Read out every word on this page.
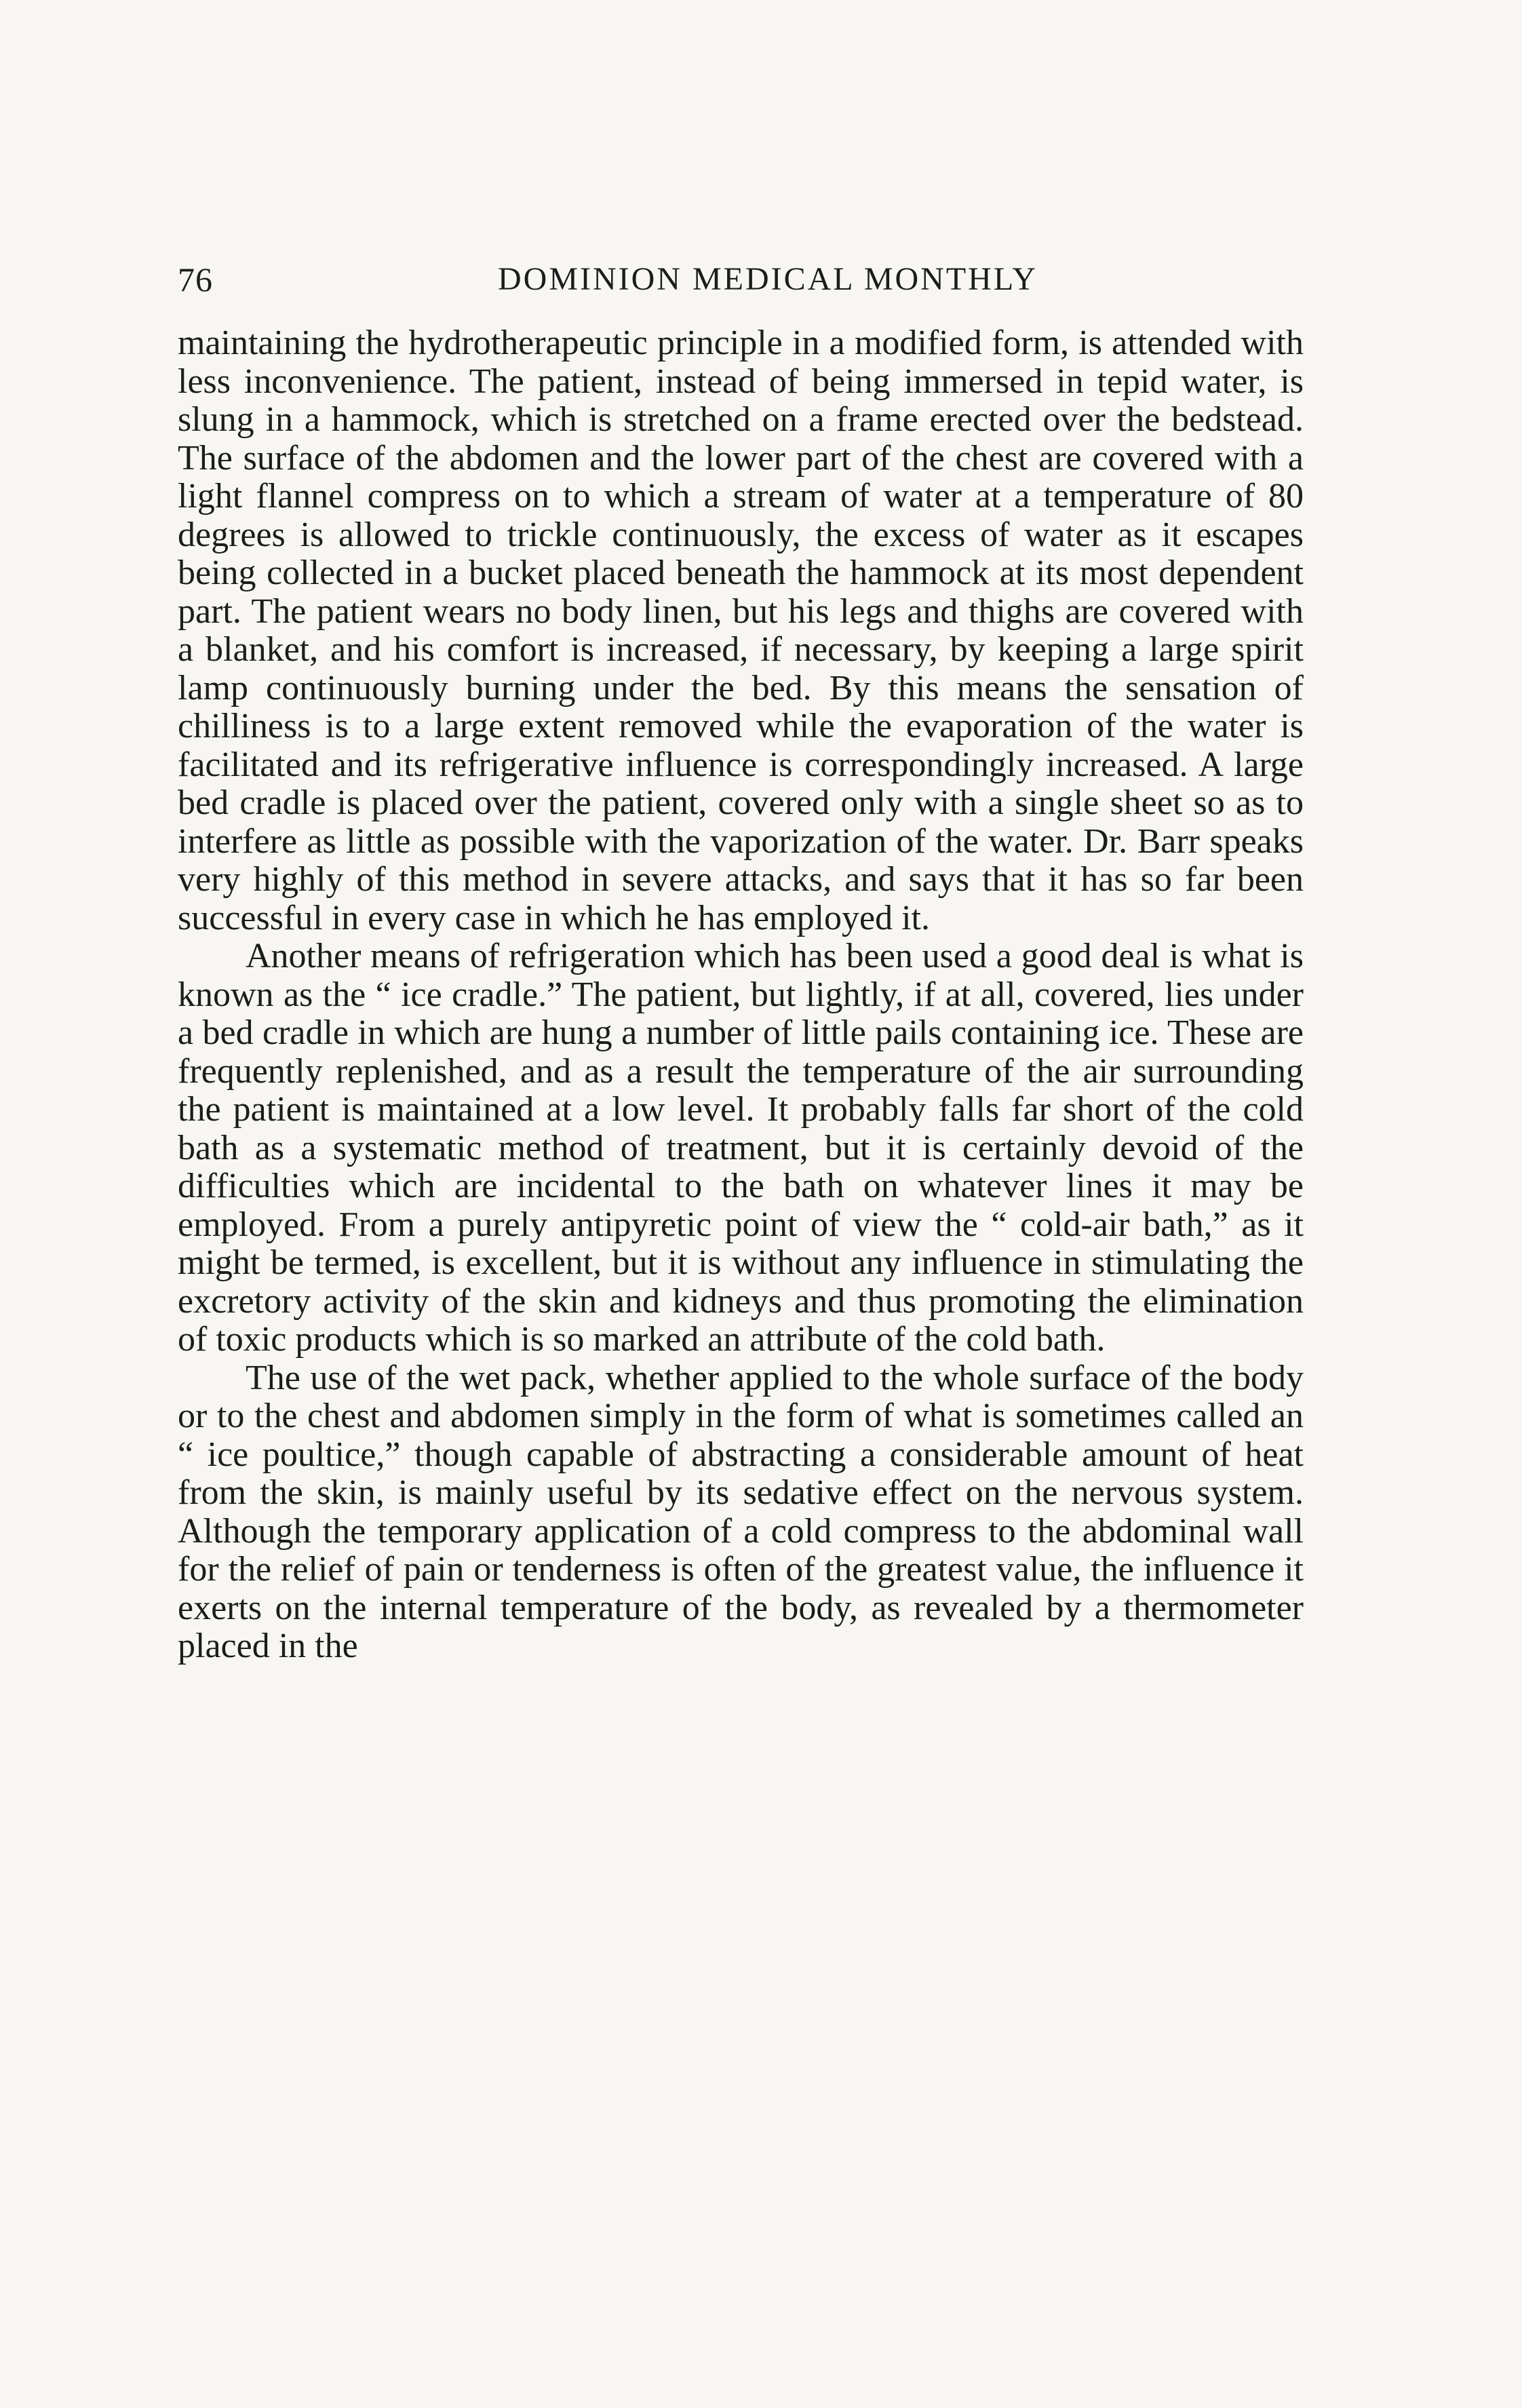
76	DOMINION MEDICAL MONTHLY

maintaining the hydrotherapeutic principle in a modified form, is attended with less inconvenience. The patient, instead of being immersed in tepid water, is slung in a hammock, which is stretched on a frame erected over the bedstead. The surface of the abdomen and the lower part of the chest are covered with a light flannel compress on to which a stream of water at a temperature of 80 degrees is allowed to trickle continuously, the excess of water as it escapes being collected in a bucket placed beneath the hammock at its most dependent part. The patient wears no body linen, but his legs and thighs are covered with a blanket, and his comfort is increased, if necessary, by keeping a large spirit lamp continuously burning under the bed. By this means the sensation of chilliness is to a large extent removed while the evaporation of the water is facilitated and its refrigerative influence is correspondingly increased. A large bed cradle is placed over the patient, covered only with a single sheet so as to interfere as little as possible with the vaporization of the water. Dr. Barr speaks very highly of this method in severe attacks, and says that it has so far been successful in every case in which he has employed it.

Another means of refrigeration which has been used a good deal is what is known as the “ ice cradle.” The patient, but lightly, if at all, covered, lies under a bed cradle in which are hung a number of little pails containing ice. These are frequently replenished, and as a result the temperature of the air surrounding the patient is maintained at a low level. It probably falls far short of the cold bath as a systematic method of treatment, but it is certainly devoid of the difficulties which are incidental to the bath on whatever lines it may be employed. From a purely antipyretic point of view the “ cold-air bath,” as it might be termed, is excellent, but it is without any influence in stimulating the excretory activity of the skin and kidneys and thus promoting the elimination of toxic products which is so marked an attribute of the cold bath.

The use of the wet pack, whether applied to the whole surface of the body or to the chest and abdomen simply in the form of what is sometimes called an “ ice poultice,” though capable of abstracting a considerable amount of heat from the skin, is mainly useful by its sedative effect on the nervous system. Although the temporary application of a cold compress to the abdominal wall for the relief of pain or tenderness is often of the greatest value, the influence it exerts on the internal temperature of the body, as revealed by a thermometer placed in the
